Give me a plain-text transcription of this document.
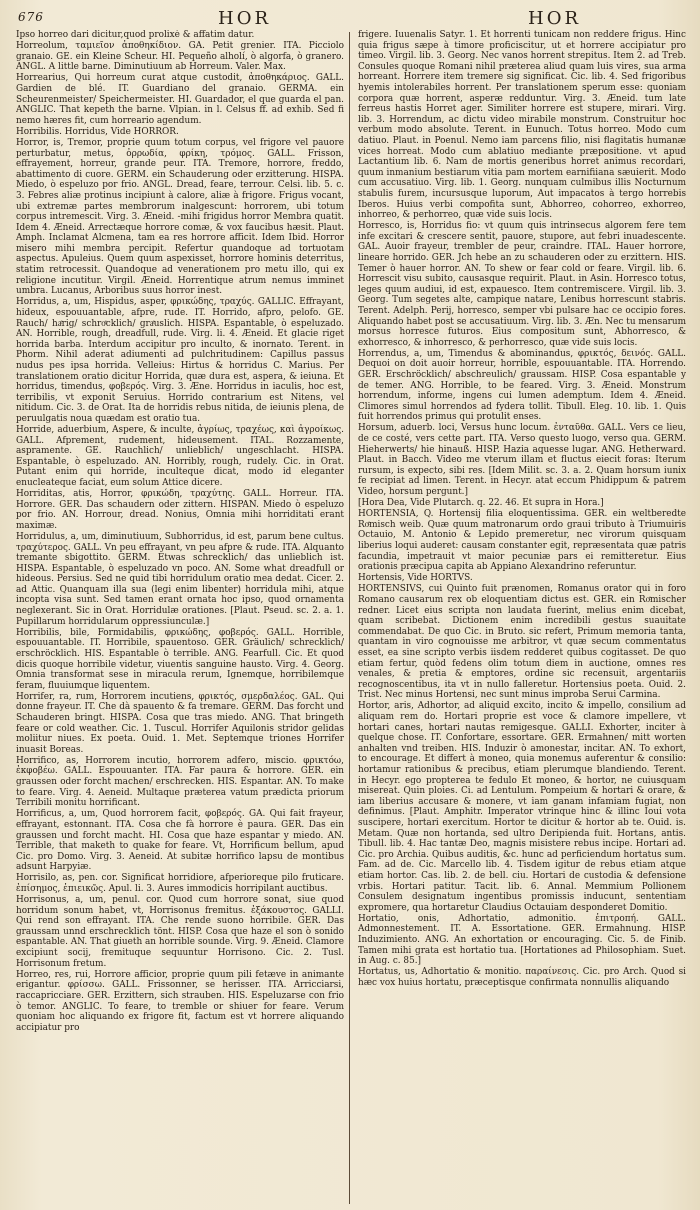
676	HOR	HOR

Ipso horreo dari dicitur,quod prolixè & affatim datur.

Horreolum, ταμιεῖον ἀποθηκίδιον. GA. Petit grenier. ITA. Picciolo granaio. GE. ein Kleine Scheur. HI. Pequeño alholí, ò algorfa, ò granero. ANGL. A little barne. Diminutiuum ab Horreum. Valer. Max.

Horrearius, Qui horreum curat atque custodit, ἀποθηκάριος. GALL. Gardien de blé. IT. Guardiano del granaio. GERMA. ein Scheurenmeister/ Speichermeister. HI. Guardador, el que guarda el pan. ANGLIC. That kepeth the barne. Vlpian. in l. Celsus ff. ad exhib. Sed fi nemo hæres fit, cum horreario agendum.

Horribilis. Horridus, Vide HORROR.

Horror, is, Tremor, proprie quum totum corpus, vel frigore vel pauore perturbatur, metus, ὀρρωδία, φρίκη, τρόμος. GALL. Frisson, effrayement, horreur, grande peur. ITA. Tremore, horrore, freddo, abattimento di cuore. GERM. ein Schauderung oder erzitterung. HISPA. Miedo, ò espeluzo por frio. ANGL. Dread, feare, terrour. Celsi. lib. 5. c. 3. Febres aliæ protinus incipiunt à calore, aliæ à frigore. Frigus vocant, ubi extremæ partes membrorum inalgescunt: horrorem, ubi totum corpus intremescit. Virg. 3. Æneid. -mihi frigidus horror Membra quatit. Idem 4. Æneid. Arrectæque horrore comæ, & vox faucibus hæsit. Plaut. Amph. Inclamat Alcmena, tam ea res horrore afficit. Idem Ibid. Horror misero mihi membra percipit. Refertur quandoque ad tortuotam aspectus. Apuleius. Quem quum aspexisset, horrore hominis deterritus, statim retrocessit. Quandoque ad venerationem pro metu illo, qui ex religione incutitur. Virgil. Æneid. Horrentique atrum nemus imminet umbra. Lucanus, Arboribus suus horror inest.

Horridus, a, um, Hispidus, asper, φρικώδης, τραχύς. GALLIC. Effrayant, hideux, espouuantable, afpre, rude. IT. Horrido, afpro, pelofo. GE. Rauch/ haͤrig/ schroͤcklich/ graͤuslich. HISPA. Espantable, ò espeluzado. AN. Horrible, rough, dreadfull, rude. Virg. li. 4. Æneid. Et glacie riget horrida barba. Interdum accipitur pro inculto, & inornato. Terent. in Phorm. Nihil aderat adiumenti ad pulchritudinem: Capillus passus nudus pes ipsa horrida. Velleius: Hirtus & horridus C. Marius. Per translationem oratio dicitur Horrida, quæ dura est, aspera, & ieiuna. Et horridus, timendus, φοβερός. Virg. 3. Æne. Horridus in iaculis, hoc est, terribilis, vt exponit Seruius. Horrido contrarium est Nitens, vel nitidum. Cic. 3. de Orat. Ita de horridis rebus nitida, de ieiunis plena, de peruulgatis noua quædam est oratio tua.

Horride, aduerbium, Aspere, & inculte, ἀγρίως, τραχέως, καὶ ἀγροίκως. GALL. Afprement, rudement, hideusement. ITAL. Rozzamente, aspramente. GE. Rauchlich/ unlieblich/ ungeschlacht. HISPA. Espantable, ò espeluzado. AN. Horribly, rough, rudely. Cic. in Orat. Putant enim qui horride, inculteque dicat, modo id eleganter enucleateque faciat, eum solum Attice dicere.

Horriditas, atis, Horror, φρικώδη, τραχύτης. GALL. Horreur. ITA. Horrore. GER. Das schaudern oder zittern. HISPAN. Miedo ò espeluzo por frio. AN. Horrour, dread. Nonius, Omnia mihi horriditati erant maximæ.

Horridulus, a, um, diminutiuum, Subhorridus, id est, parum bene cultus. τραχύτερος. GALL. Vn peu effrayant, vn peu afpre & rude. ITA. Alquanto tremante sbigottito. GERM. Etwas schrecklich/ das unlieblich ist. HISPA. Espantable, ò espeluzado vn poco. AN. Some what dreadfull or hideous. Persius. Sed ne quid tibi horridulum oratio mea dedat. Cicer. 2. ad Attic. Quanquam illa sua (legi enim libenter) horridula mihi, atque incopta visa sunt. Sed tamen erant ornata hoc ipso, quod ornamenta neglexerant. Sic in Orat. Horridulæ orationes. [Plaut. Pseud. sc. 2. a. 1. Pupillarum horridularum oppressiunculæ.]

Horribilis, bile, Formidabilis, φρικώδης, φοβερός. GALL. Horrible, espouuantable. IT. Horribile, spauentoso. GER. Gräulich/ schrecklich/ erschröcklich. HIS. Espantable ò terrible. ANG. Fearfull. Cic. Et quod dicis quoque horribile videtur, viuentis sanguine hausto. Virg. 4. Georg. Omnia transformat sese in miracula rerum, Ignemque, horribilemque feram, fluuiumque liquentem.

Horrifer, ra, rum, Horrorem incutiens, φρικτός, σμερδαλέος. GAL. Qui donne frayeur. IT. Che dà spauento & fa tremare. GERM. Das forcht und Schauderen bringt. HISPA. Cosa que tras miedo. ANG. That bringeth feare or cold weather. Cic. 1. Tuscul. Horrifer Aquilonis stridor gelidas moliitur niues. Ex poeta. Ouid. 1. Met. Septemque triones Horrifer inuasit Boreas.

Horrifico, as, Horrorem incutio, horrorem adfero, miscio. φρικτόω, ἐκφοβέω. GALL. Espouuanter. ITA. Far paura & horrore. GER. ein graussen oder forcht machen/ erschrecken. HIS. Espantar. AN. To make to feare. Virg. 4. Aeneid. Multaque præterea vatum prædicta priorum Terribili monitu horrificant.

Horrificus, a, um, Quod horrorem facit, φοβερός. GA. Qui fait frayeur, effrayant, estonnant. ITA. Cosa che fà horrore è paura. GER. Das ein graussen und forcht macht. HI. Cosa que haze espantar y miedo. AN. Terrible, that maketh to quake for feare. Vt, Horrificum bellum, apud Cic. pro Domo. Virg. 3. Aeneid. At subitæ horrifico lapsu de montibus adsunt Harpyiæ.

Horrisilo, as, pen. cor. Significat horridiore, afperioreque pilo fruticare. ἐπίσημος, ἐπιεικῶς. Apul. li. 3. Aures immodicis horripilant auctibus.

Horrisonus, a, um, penul. cor. Quod cum horrore sonat, siue quod horridum sonum habet, vt, Horrisonus fremitus. ἐξάκουστος. GALLI. Qui rend son effrayant. ITA. Che rende suono horribile. GER. Das graussam unnd erschrecklich tönt. HISP. Cosa que haze el son ò sonido espantable. AN. That giueth an horrible sounde. Virg. 9. Æneid. Clamore excipiunt socij, fremituque sequuntur Horrisono. Cic. 2. Tusl. Horrisonum fretum.

Horreo, res, rui, Horrore afficior, proprie quum pili fetæve in animante erigantur. φρίσσω. GALL. Frissonner, se herisser. ITA. Arricciarsi, raccapricciare. GER. Erzittern, sich strauben. HIS. Espeluzarse con frio ò temor. ANGLIC. To feare, to tremble or shiuer for feare. Verum quoniam hoc aliquando ex frigore fit, factum est vt horrere aliquando accipiatur pro

frigere. Iuuenalis Satyr. 1. Et horrenti tunicam non reddere frigus. Hinc quia frigus sæpe à timore proficiscitur, ut et horrere accipiatur pro timeo. Virgil. lib. 3. Georg. Nec vanos horrent strepitus. Item 2. ad Treb. Consules quoque Romani nihil præterea aliud quam luis vires, sua arma horreant. Horrere item tremere sig significat. Cic. lib. 4. Sed frigoribus hyemis intolerabiles horrent. Per translationem sperum esse: quoniam corpora quæ horrent, asperæ redduntur. Virg. 3. Æneid. tum late ferreus hastis Horret ager. Similiter horrere est stupere, mirari. Virg. lib. 3. Horrendum, ac dictu video mirabile monstrum. Construitur hoc verbum modo absolute. Terent. in Eunuch. Totus horreo. Modo cum datiuo. Plaut. in Poenul. Nemo iam parcens filio, nisi flagitatis humanæ vices horreat. Modo cum ablatiuo mediante præpositione. vt apud Lactantium lib. 6. Nam de mortis generibus horret animus recordari, quum inmanium bestiarum vitia pam mortem earnifiiana sæuierit. Modo cum accusatiuo. Virg. lib. 1. Georg. nunquam culmibus illis Nocturnum stabulis furem, incursusque luporum, Aut impacatos à tergo horrebis Iberos. Huius verbi compofita sunt, Abhorreo, cohorreo, exhorreo, inhorreo, & perhorreo, quæ vide suis locis.

Horresco, is, Horridus fio: vt quum quis intrinsecus algorem fere tem infe excitari & crescere sentit, pauore, stupore, aut febri inuadescente. GAL. Auoir frayeur, trembler de peur, craindre. ITAL. Hauer horrore, lineare horrido. GER. Jch hebe an zu schauderen oder zu erzittern. HIS. Temer ò hauer horror. AN. To shew or fear cold or feare. Virgil. lib. 6. Horrescit visu subito, causasque requirit. Plaut. in Asin. Horresco totus, leges quum audiui, id est, expauesco. Item contremiscere. Virgil. lib. 3. Georg. Tum segetes alte, campique natare, Lenibus horrescunt stabris. Terent. Adelph. Perij, horresco, semper vbi pulsare hac ce occipio fores. Aliquando habet post se accusatiuum. Virg. lib. 3. Æn. Nec tu mensarum morsus horresce futuros. Eius compositum sunt, Abhorresco, & exhorresco, & inhorresco, & perhorresco, quæ vide suis locis.

Horrendus, a, um, Timendus & abominandus, φρικτός, δεινός. GALL. Dequoi on doit auoir horreur, horrible, espouuantable. ITA. Horrendo. GER. Erschröcklich/ abschreulich/ graussam. HISP. Cosa espantable y de temer. ANG. Horrible, to be feared. Virg. 3. Æneid. Monstrum horrendum, informe, ingens cui lumen ademptum. Idem 4. Æneid. Climores simul horrendos ad fydera tollit. Tibull. Eleg. 10. lib. 1. Quis fuit horrendos primus qui protulit enses.

Horsum, aduerb. loci, Versus hunc locum. ἐνταῦθα. GALL. Vers ce lieu, de ce costé, vers cette part. ITA. Verso questo luogo, verso qua. GERM. Hieherwerts/ hie hinauß. HISP. Hazia aquesse lugar. ANG. Hetherward. Plaut. in Bacch. Video me vterum illam et fluctus eiecit foras: Iterum rursum, is expecto, sibi res. [Idem Milit. sc. 3. a. 2. Quam horsum iunix fe recipiat ad limen. Terent. in Hecyr. atat eccum Phidippum & patrem Video, horsum pergunt.]

[Hora Dea, Vide Plutarch. q. 22. 46. Et supra in Hora.]

HORTENSIA, Q. Hortensij filia eloquentissima. GER. ein weltberedte Roͤmisch weib. Quæ quum matronarum ordo graui tributo à Triumuiris Octauio, M. Antonio & Lepido premeretur, nec virorum quisquam liberius loqui auderet: causam constanter egit, repræsentata quæ patris facundia, impetrauit vt maior pecuniæ pars ei remitteretur. Eius orationis præcipua capita ab Appiano Alexandrino referuntur.

Hortensis, Vide HORTVS.

HORTENSIVS, cui Quinto fuit prænomen, Romanus orator qui in foro Romano causarum rex ob eloquentiam dictus est. GER. ein Roͤmischer redner. Licet eius scripta non laudata fuerint, melius enim dicebat, quam scribebat. Dictionem enim incredibili gestus suauitate commendabat. De quo Cic. in Bruto. sic refert, Primum memoria tanta, quantam in viro cognouisse me arbitror, vt quæ secum commentatus esset, ea sine scripto verbis iisdem redderet quibus cogitasset. De quo etiam fertur, quòd fedens olim totum diem in auctione, omnes res venales, & pretia & emptores, ordine sic recensuit, argentariis recognoscentibus, ita vt in nullo falleretur. Hortensius poeta. Ouid. 2. Trist. Nec minus Hortensi, nec sunt minus improba Serui Carmina.

Hortor, aris, Adhortor, ad aliquid excito, incito & impello, consilium ad aliquam rem do. Hortari proprie est voce & clamore impellere, vt hortari canes, hortari nautas remigesque. GALLI. Exhorter, inciter à quelque chose. IT. Confortare, essortare. GER. Ermahnen/ mitt worten anhalten vnd treiben. HIS. Induzir ò amonestar, incitar. AN. To exhort, to encourage. Et differt à moneo, quia monemus auferentur & consilio: hortamur rationibus & precibus, etiam plerumque blandiendo. Terent. in Hecyr. ego propterea te fedulo Et moneo, & hortor, ne cuiusquam misereat. Quin ploies. Ci. ad Lentulum. Pompeium & hortari & orare, & iam liberius accusare & monere, vt iam ganam infamiam fugiat, non definimus. [Plaut. Amphitr. Imperator vtrinque hinc & illinc Ioui vota suscipere, hortari exercitum. Hortor te dicitur & hortor ab te. Ouid. is. Metam. Quæ non hortanda, sed ultro Deripienda fuit. Hortans, antis. Tibull. lib. 4. Hac tantæ Deo, magnis misistere rebus incipe. Hortari ad. Cic. pro Archia. Quibus auditis, &c. hunc ad perficiendum hortatus sum. Fam. ad de. Cic. Marcello lib. 4. Tisdem igitur de rebus etiam atque etiam hortor. Cas. lib. 2. de bell. ciu. Hortari de custodia & defensione vrbis. Hortari patitur. Tacit. lib. 6. Annal. Memmium Pollionem Consulem designatum ingentibus promissis inducunt, sententiam expromere, qua hortaretur Claudius Octauiam desponderet Domitio.

Hortatio, onis, Adhortatio, admonitio. ἐπιτροπή. GALL. Admonnestement. IT. A. Essortatione. GER. Ermahnung. HISP. Induzimiento. ANG. An exhortation or encouraging. Cic. 5. de Finib. Tamen mihi grata est hortatio tua. [Hortationes ad Philosophiam. Suet. in Aug. c. 85.]

Hortatus, us, Adhortatio & monitio. παραίνεσις. Cic. pro Arch. Quod si hæc vox huius hortatu, præceptisque confirmata nonnullis aliquando
